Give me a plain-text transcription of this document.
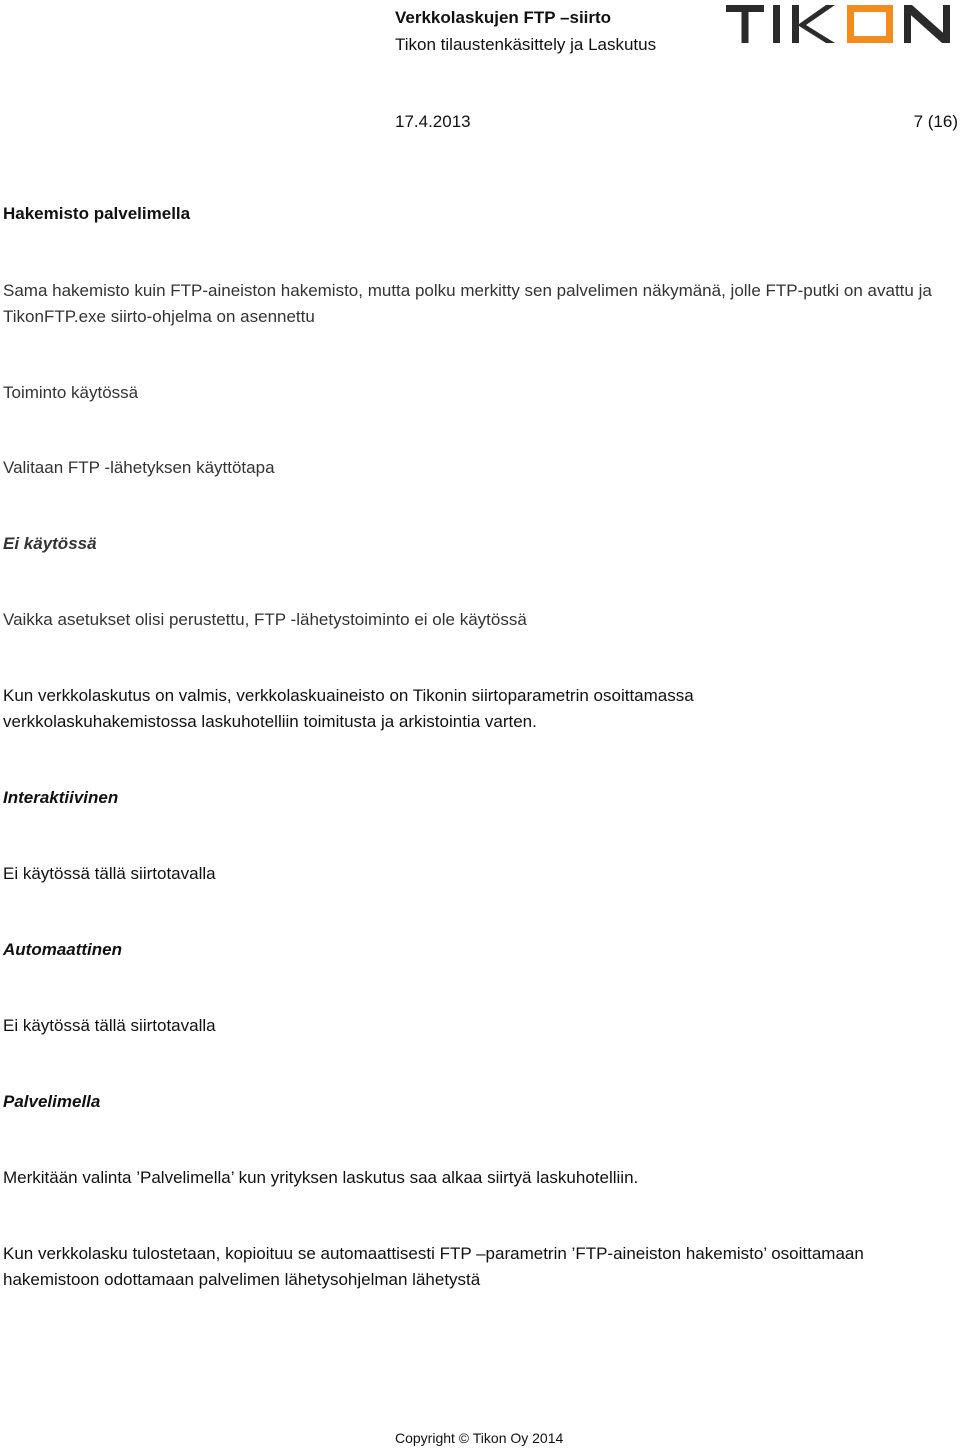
Verkkolaskujen FTP –siirto
Tikon tilaustenkäsittely ja Laskutus
17.4.2013	7 (16)
Hakemisto palvelimella
Sama hakemisto kuin FTP-aineiston hakemisto, mutta polku merkitty sen palvelimen näkymänä, jolle FTP-putki on avattu ja TikonFTP.exe siirto-ohjelma on asennettu
Toiminto käytössä
Valitaan FTP -lähetyksen käyttötapa
Ei käytössä
Vaikka asetukset olisi perustettu, FTP -lähetystoiminto ei ole käytössä
Kun verkkolaskutus on valmis, verkkolaskuaineisto on Tikonin siirtoparametrin osoittamassa verkkolaskuhakemistossa laskuhotelliin toimitusta ja arkistointia varten.
Interaktiivinen
Ei käytössä tällä siirtotavalla
Automaattinen
Ei käytössä tällä siirtotavalla
Palvelimella
Merkitään valinta ’Palvelimella’ kun yrityksen laskutus saa alkaa siirtyä laskuhotelliin.
Kun verkkolasku tulostetaan, kopioituu se automaattisesti FTP –parametrin ’FTP-aineiston hakemisto’ osoittamaan hakemistoon odottamaan palvelimen lähetysohjelman lähetystä
Copyright © Tikon Oy 2014
